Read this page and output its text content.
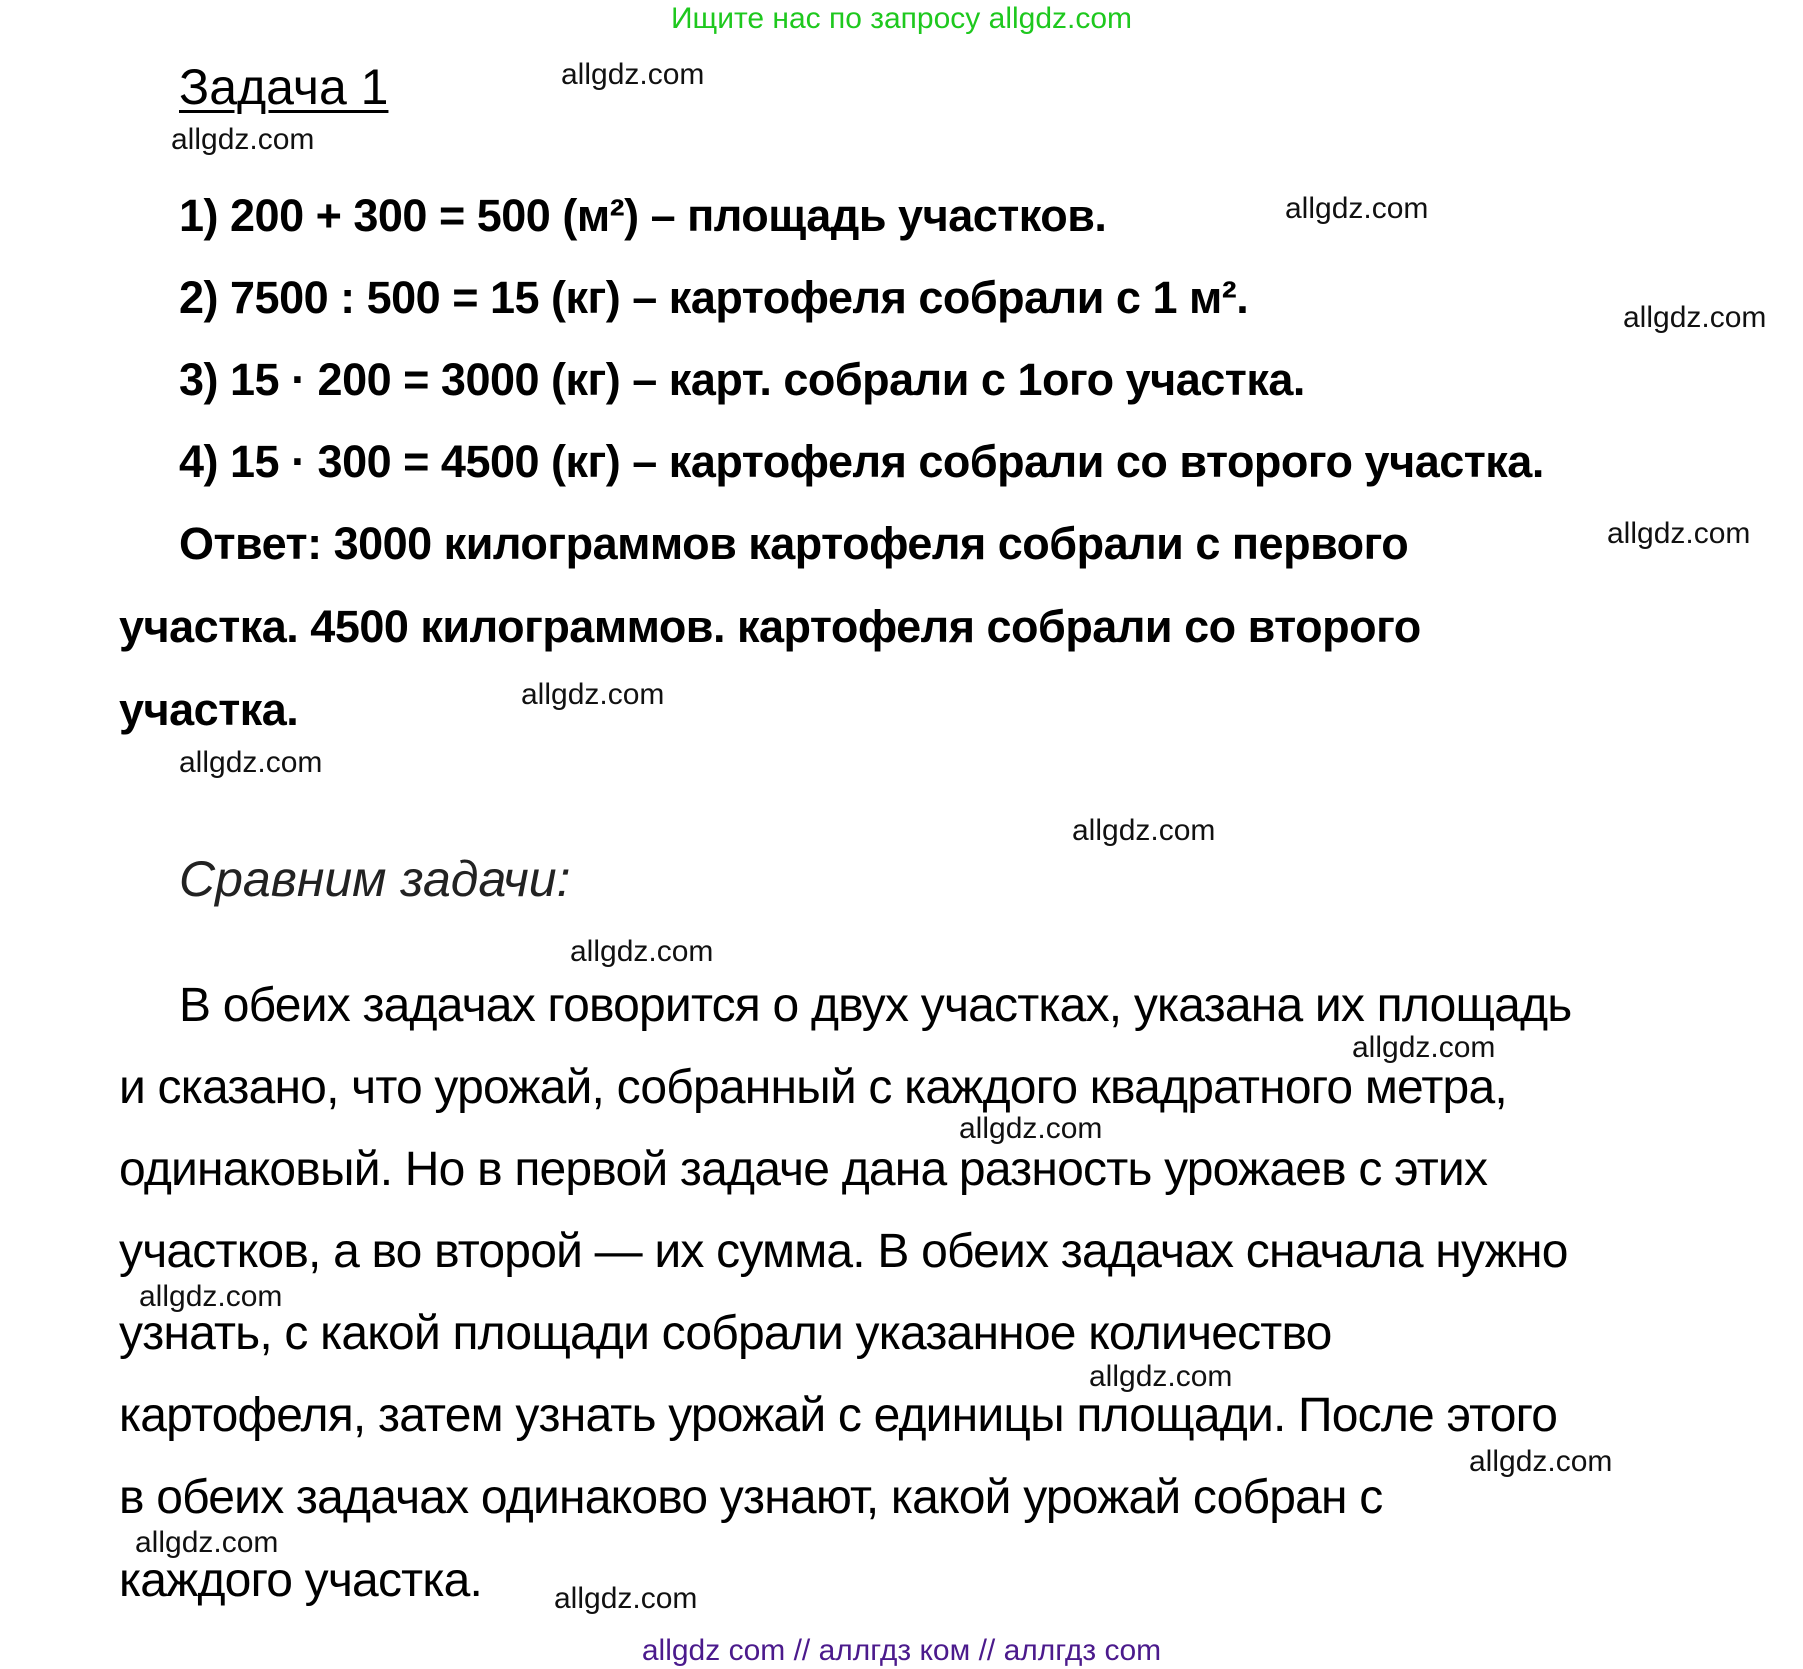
Ищите нас по запросу allgdz.com
Задача 1
1) 200 + 300 = 500 (м²) – площадь участков.
2) 7500 : 500 = 15 (кг) – картофеля собрали с 1 м².
3) 15 · 200 = 3000 (кг) – карт. собрали с 1ого участка.
4) 15 · 300 = 4500 (кг) – картофеля собрали со второго участка.
Ответ: 3000 килограммов картофеля собрали с первого
участка. 4500 килограммов. картофеля собрали со второго
участка.
Сравним задачи:
В обеих задачах говорится о двух участках, указана их площадь
и сказано, что урожай, собранный с каждого квадратного метра,
одинаковый. Но в первой задаче дана разность урожаев с этих
участков, а во второй — их сумма. В обеих задачах сначала нужно
узнать, с какой площади собрали указанное количество
картофеля, затем узнать урожай с единицы площади. После этого
в обеих задачах одинаково узнают, какой урожай собран с
каждого участка.
allgdz.com
allgdz.com
allgdz.com
allgdz.com
allgdz.com
allgdz.com
allgdz.com
allgdz.com
allgdz.com
allgdz.com
allgdz.com
allgdz.com
allgdz.com
allgdz.com
allgdz.com
allgdz.com
allgdz com // аллгдз ком // аллгдз com
